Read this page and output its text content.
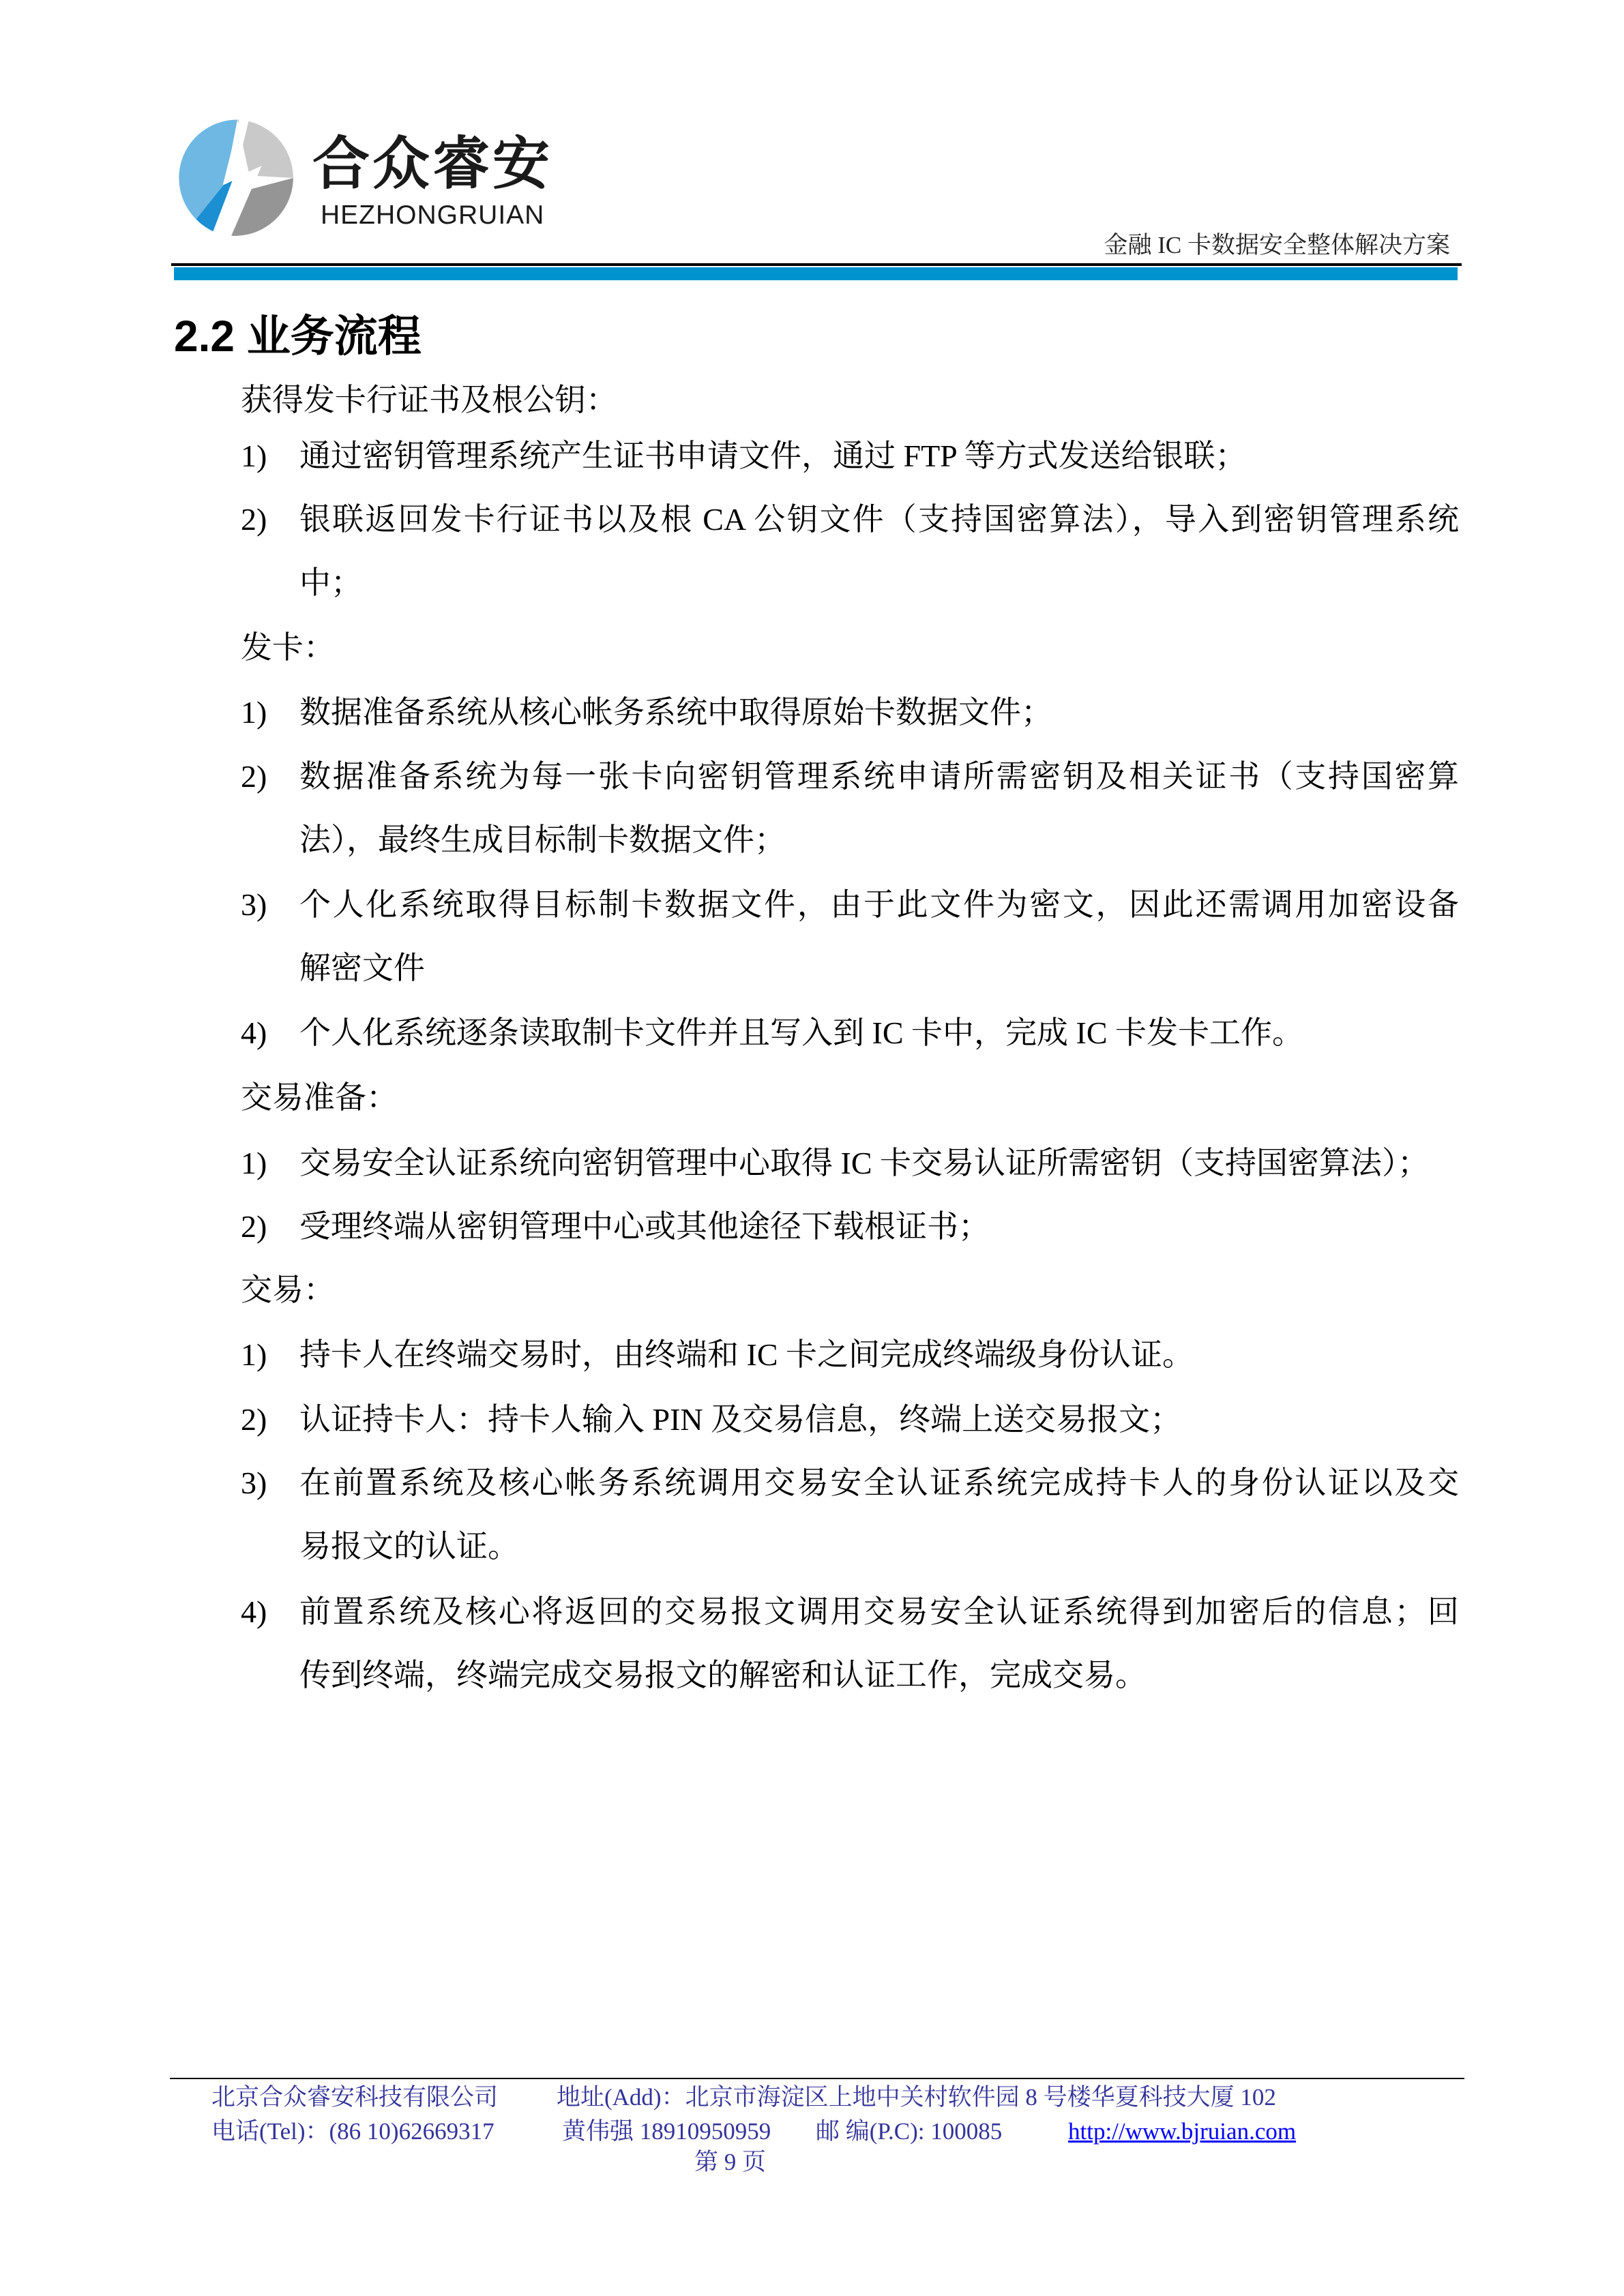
合众睿安
HEZHONGRUIAN
金融 IC 卡数据安全整体解决方案
2.2 业务流程
获得发卡行证书及根公钥：
1) 通过密钥管理系统产生证书申请文件，通过 FTP 等方式发送给银联；
2) 银联返回发卡行证书以及根 CA 公钥文件（支持国密算法），导入到密钥管理系统
中；
发卡：
1) 数据准备系统从核心帐务系统中取得原始卡数据文件；
2) 数据准备系统为每一张卡向密钥管理系统申请所需密钥及相关证书（支持国密算
法），最终生成目标制卡数据文件；
3) 个人化系统取得目标制卡数据文件，由于此文件为密文，因此还需调用加密设备
解密文件
4) 个人化系统逐条读取制卡文件并且写入到 IC 卡中，完成 IC 卡发卡工作。
交易准备：
1) 交易安全认证系统向密钥管理中心取得 IC 卡交易认证所需密钥（支持国密算法）；
2) 受理终端从密钥管理中心或其他途径下载根证书；
交易：
1) 持卡人在终端交易时，由终端和 IC 卡之间完成终端级身份认证。
2) 认证持卡人：持卡人输入 PIN 及交易信息，终端上送交易报文；
3) 在前置系统及核心帐务系统调用交易安全认证系统完成持卡人的身份认证以及交
易报文的认证。
4) 前置系统及核心将返回的交易报文调用交易安全认证系统得到加密后的信息；回
传到终端，终端完成交易报文的解密和认证工作，完成交易。
北京合众睿安科技有限公司 地址(Add)：北京市海淀区上地中关村软件园 8 号楼华夏科技大厦 102
电话(Tel)：(86 10)62669317	黄伟强 18910950959 邮 编(P.C): 100085	http://www.bjruian.com
第 9 页
